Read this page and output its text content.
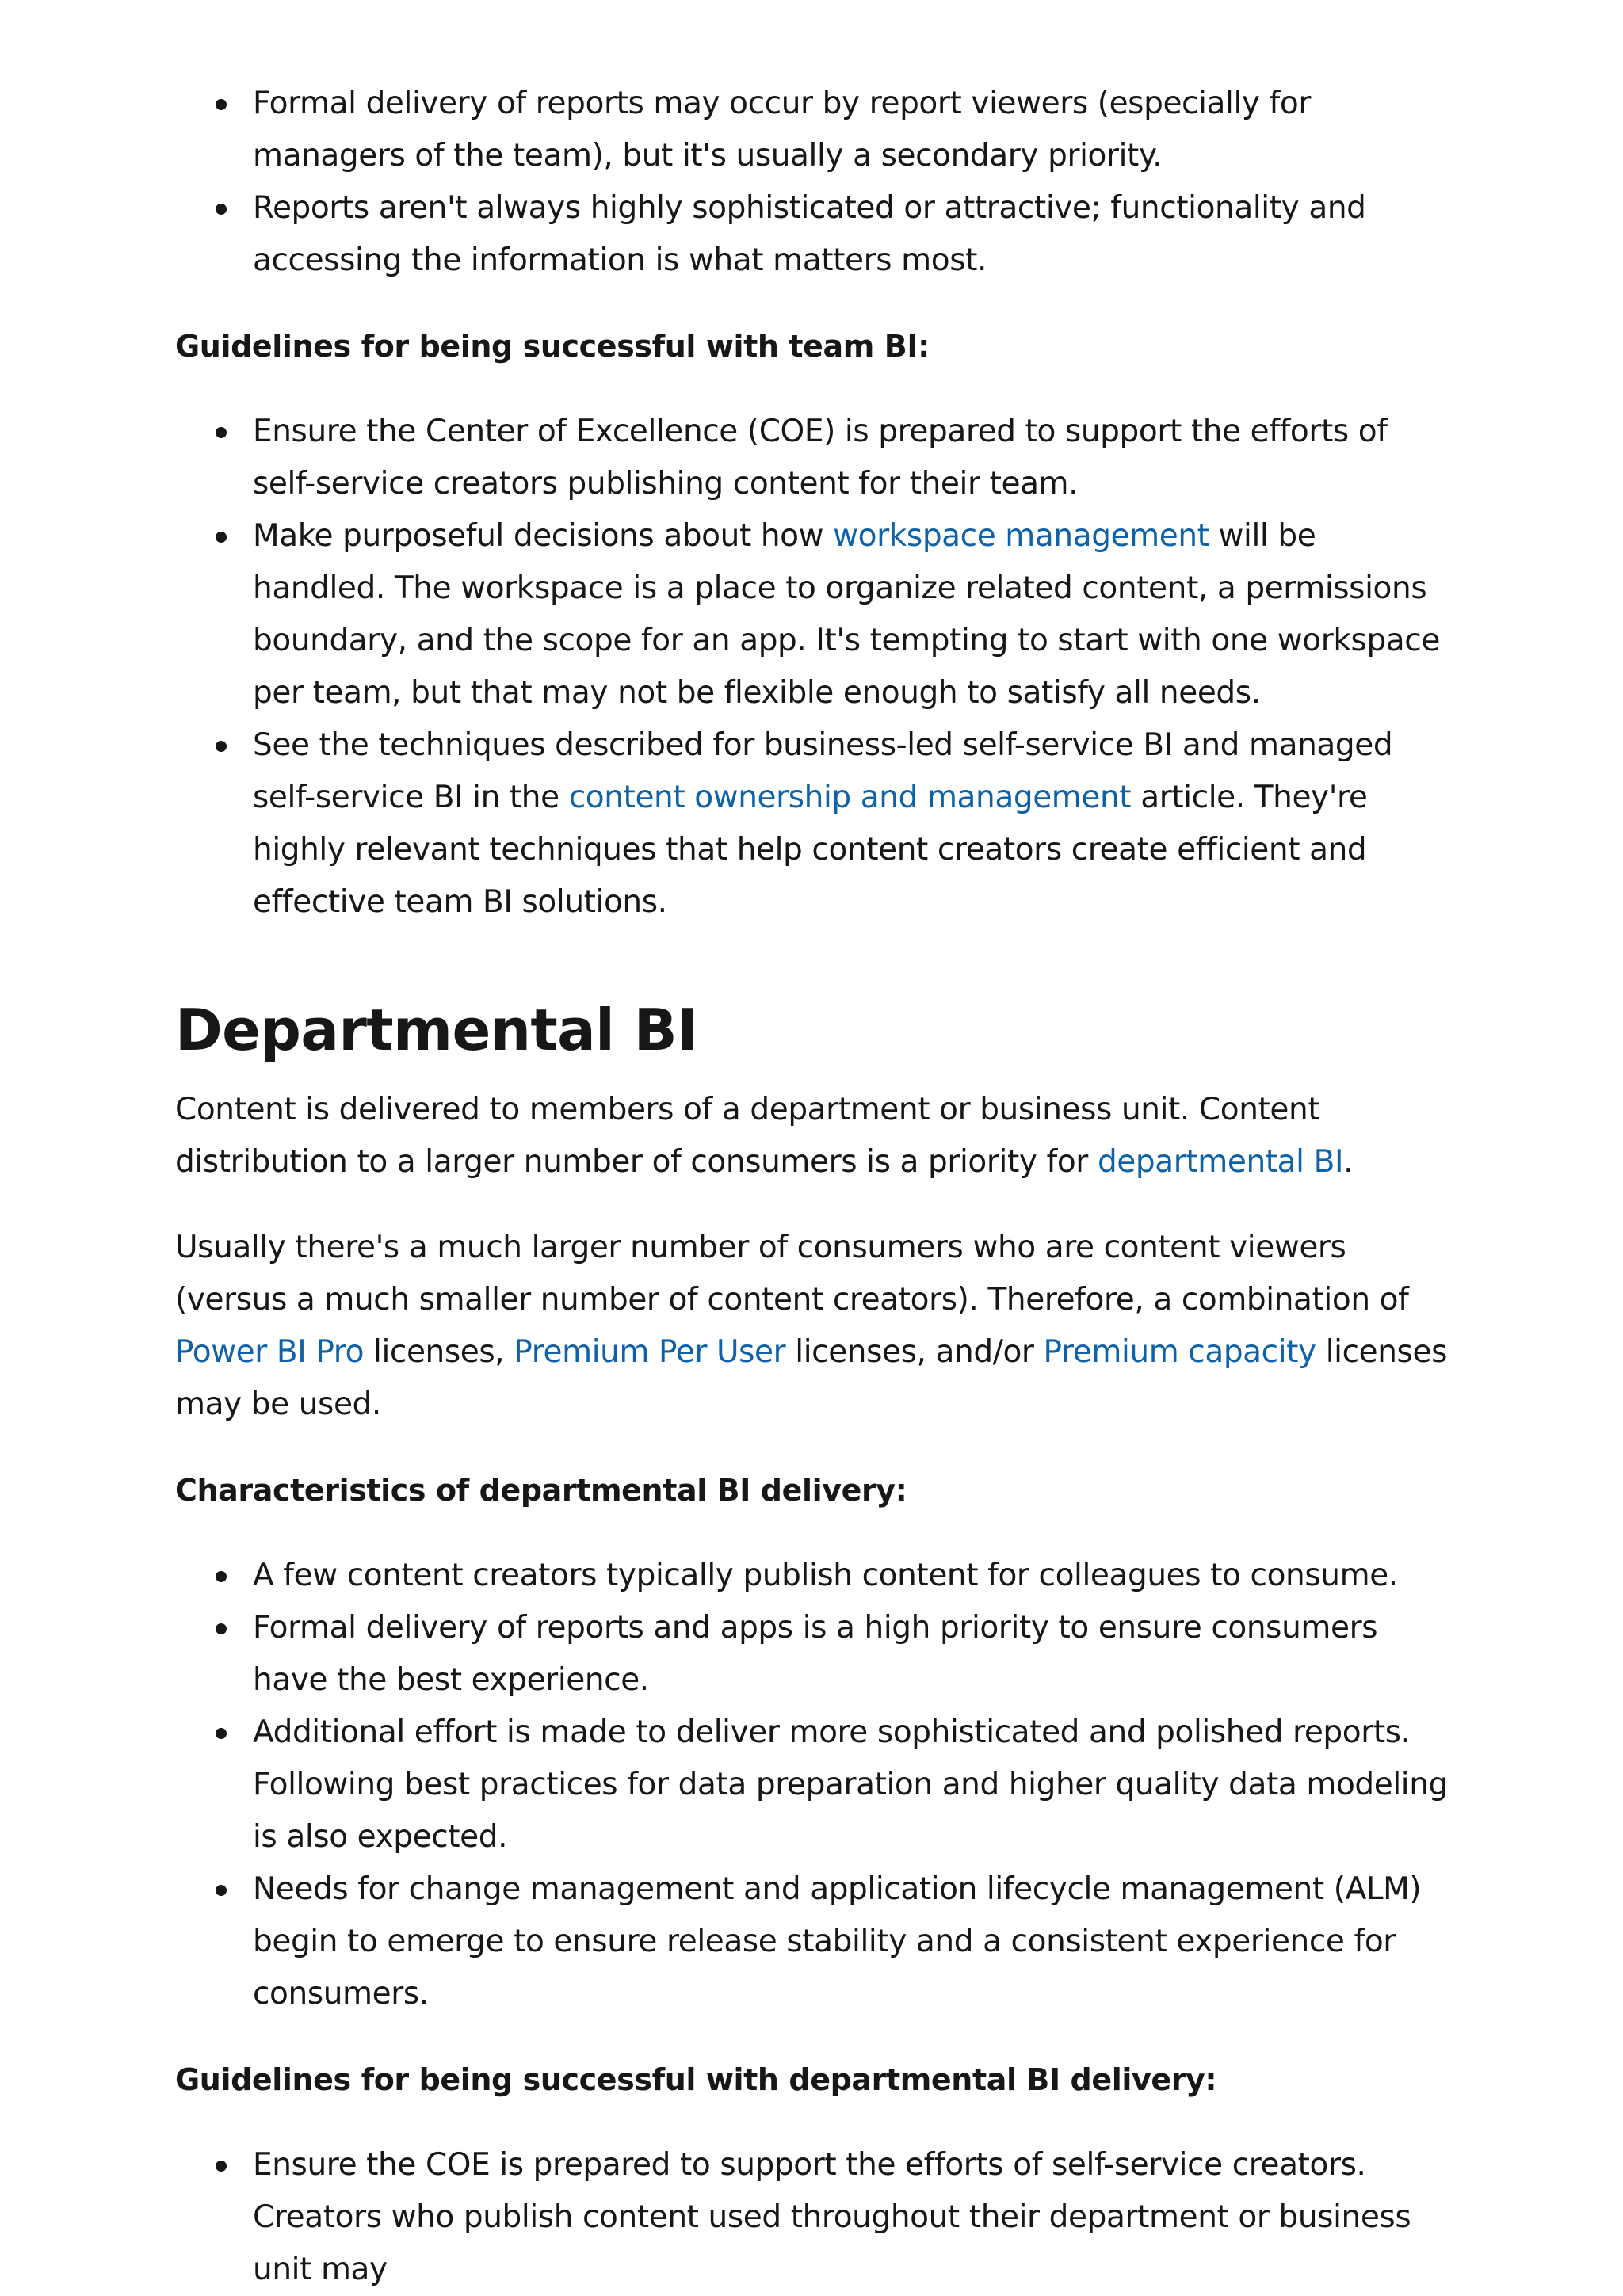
Formal delivery of reports may occur by report viewers (especially for managers of the team), but it's usually a secondary priority.
Reports aren't always highly sophisticated or attractive; functionality and accessing the information is what matters most.

Guidelines for being successful with team BI:

Ensure the Center of Excellence (COE) is prepared to support the efforts of self-service creators publishing content for their team.
Make purposeful decisions about how workspace management will be handled. The workspace is a place to organize related content, a permissions boundary, and the scope for an app. It's tempting to start with one workspace per team, but that may not be flexible enough to satisfy all needs.
See the techniques described for business-led self-service BI and managed self-service BI in the content ownership and management article. They're highly relevant techniques that help content creators create efficient and effective team BI solutions.
Departmental BI

Content is delivered to members of a department or business unit. Content distribution to a larger number of consumers is a priority for departmental BI.

Usually there's a much larger number of consumers who are content viewers (versus a much smaller number of content creators). Therefore, a combination of Power BI Pro licenses, Premium Per User licenses, and/or Premium capacity licenses may be used.

Characteristics of departmental BI delivery:

A few content creators typically publish content for colleagues to consume.
Formal delivery of reports and apps is a high priority to ensure consumers have the best experience.
Additional effort is made to deliver more sophisticated and polished reports. Following best practices for data preparation and higher quality data modeling is also expected.
Needs for change management and application lifecycle management (ALM) begin to emerge to ensure release stability and a consistent experience for consumers.

Guidelines for being successful with departmental BI delivery:

Ensure the COE is prepared to support the efforts of self-service creators. Creators who publish content used throughout their department or business unit may
